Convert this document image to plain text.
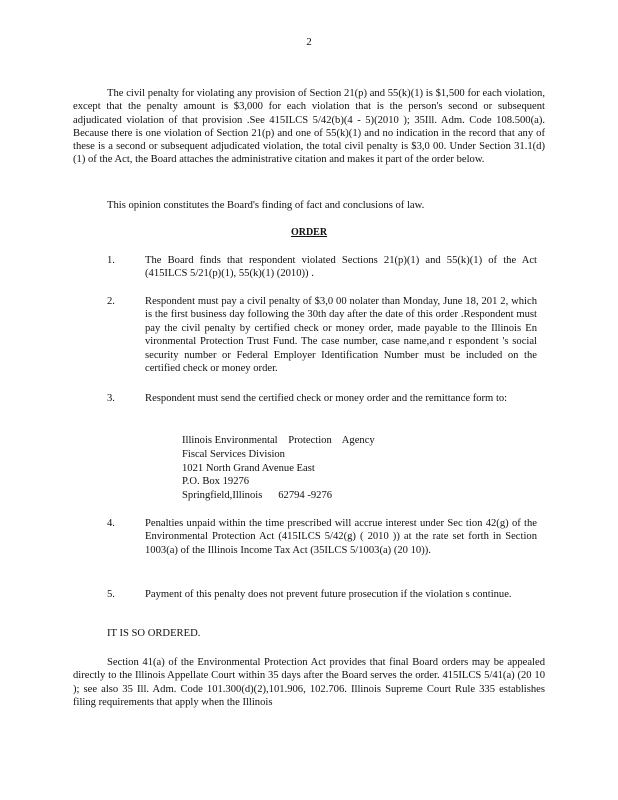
2

The civil penalty for violating any provision of Section 21(p) and 55(k)(1) is $1,500 for each violation, except that the penalty amount is $3,000 for each violation that is the person's second or subsequent adjudicated violation of that provision .See 415ILCS 5/42(b)(4 - 5)(2010 ); 35Ill. Adm. Code 108.500(a). Because there is one violation of Section 21(p) and one of 55(k)(1) and no indication in the record that any of these is a second or subsequent adjudicated violation, the total civil penalty is $3,0 00. Under Section 31.1(d)(1) of the Act, the Board attaches the administrative citation and makes it part of the order below.

This opinion constitutes the Board's finding of fact and conclusions of law.

ORDER
1.	The Board finds that respondent violated Sections 21(p)(1) and 55(k)(1) of the Act (415ILCS 5/21(p)(1), 55(k)(1) (2010)) .
2.	Respondent must pay a civil penalty of $3,0 00 nolater than Monday, June 18, 201 2, which is the first business day following the 30th day after the date of this order .Respondent must pay the civil penalty by certified check or money order, made payable to the Illinois En vironmental Protection Trust Fund. The case number, case name,and r espondent 's social security number or Federal Employer Identification Number must be included on the certified check or money order.
3.	Respondent must send the certified check or money order and the remittance form to:
Illinois Environmental    Protection    Agency
Fiscal Services Division
1021 North Grand Avenue East
P.O. Box 19276
Springfield,Illinois      62794 -9276
4.	Penalties unpaid within the time prescribed will accrue interest under Sec tion 42(g) of the Environmental Protection Act (415ILCS 5/42(g) ( 2010 )) at the rate set forth in Section 1003(a) of the Illinois Income Tax Act (35ILCS 5/1003(a) (20 10)).
5.	Payment of this penalty does not prevent future prosecution if the violation s continue.
IT IS SO ORDERED.

Section 41(a) of the Environmental Protection Act provides that final Board orders may be appealed directly to the Illinois Appellate Court within 35 days after the Board serves the order. 415ILCS 5/41(a) (20 10 ); see also 35 Ill. Adm. Code 101.300(d)(2),101.906, 102.706. Illinois Supreme Court Rule 335 establishes filing requirements that apply when the Illinois
